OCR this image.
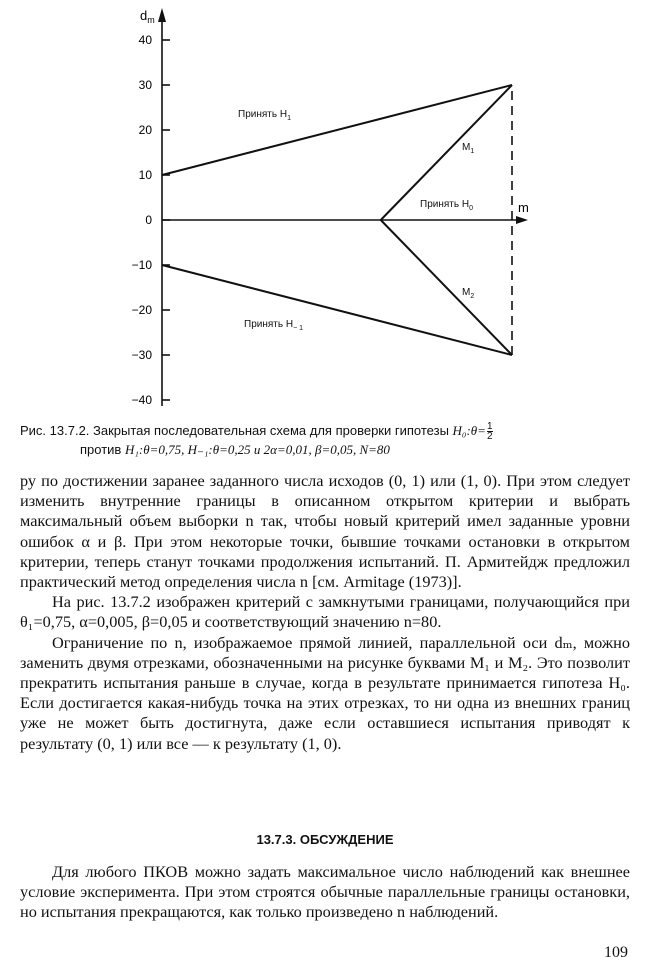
$d_m$
m
40
30
20
10
0
−10
−20
−30
−40
Принять $H_1$
Принять $H_0$
Принять $H_{- 1}$
$M_1$
$M_2$
Рис. 13.7.2. Закрытая последовательная схема для проверки гипотезы H₀:θ= $\frac{1}{2}$
против H₁:θ=0,75, H₋₁:θ=0,25 и 2α=0,01, β=0,05, N=80

ру по достижении заранее заданного числа исходов (0, 1) или (1, 0). При этом следует изменить внутренние границы в описанном открытом критерии и выбрать максимальный объем выборки n так, чтобы новый критерий имел заданные уровни ошибок α и β. При этом некоторые точки, бывшие точками остановки в открытом критерии, теперь станут точками продолжения испытаний. П. Армитейдж предложил практический метод определения числа n [см. Armitage (1973)].

На рис. 13.7.2 изображен критерий с замкнутыми границами, получающийся при θ₁=0,75, α=0,005, β=0,05 и соответствующий значению n=80.

Ограничение по n, изображаемое прямой линией, параллельной оси dₘ, можно заменить двумя отрезками, обозначенными на рисунке буквами M₁ и M₂. Это позволит прекратить испытания раньше в случае, когда в результате принимается гипотеза H₀. Если достигается какая-нибудь точка на этих отрезках, то ни одна из внешних границ уже не может быть достигнута, даже если оставшиеся испытания приводят к результату (0, 1) или все — к результату (1, 0).

13.7.3. ОБСУЖДЕНИЕ

Для любого ПКОВ можно задать максимальное число наблюдений как внешнее условие эксперимента. При этом строятся обычные параллельные границы остановки, но испытания прекращаются, как только произведено n наблюдений.

109
